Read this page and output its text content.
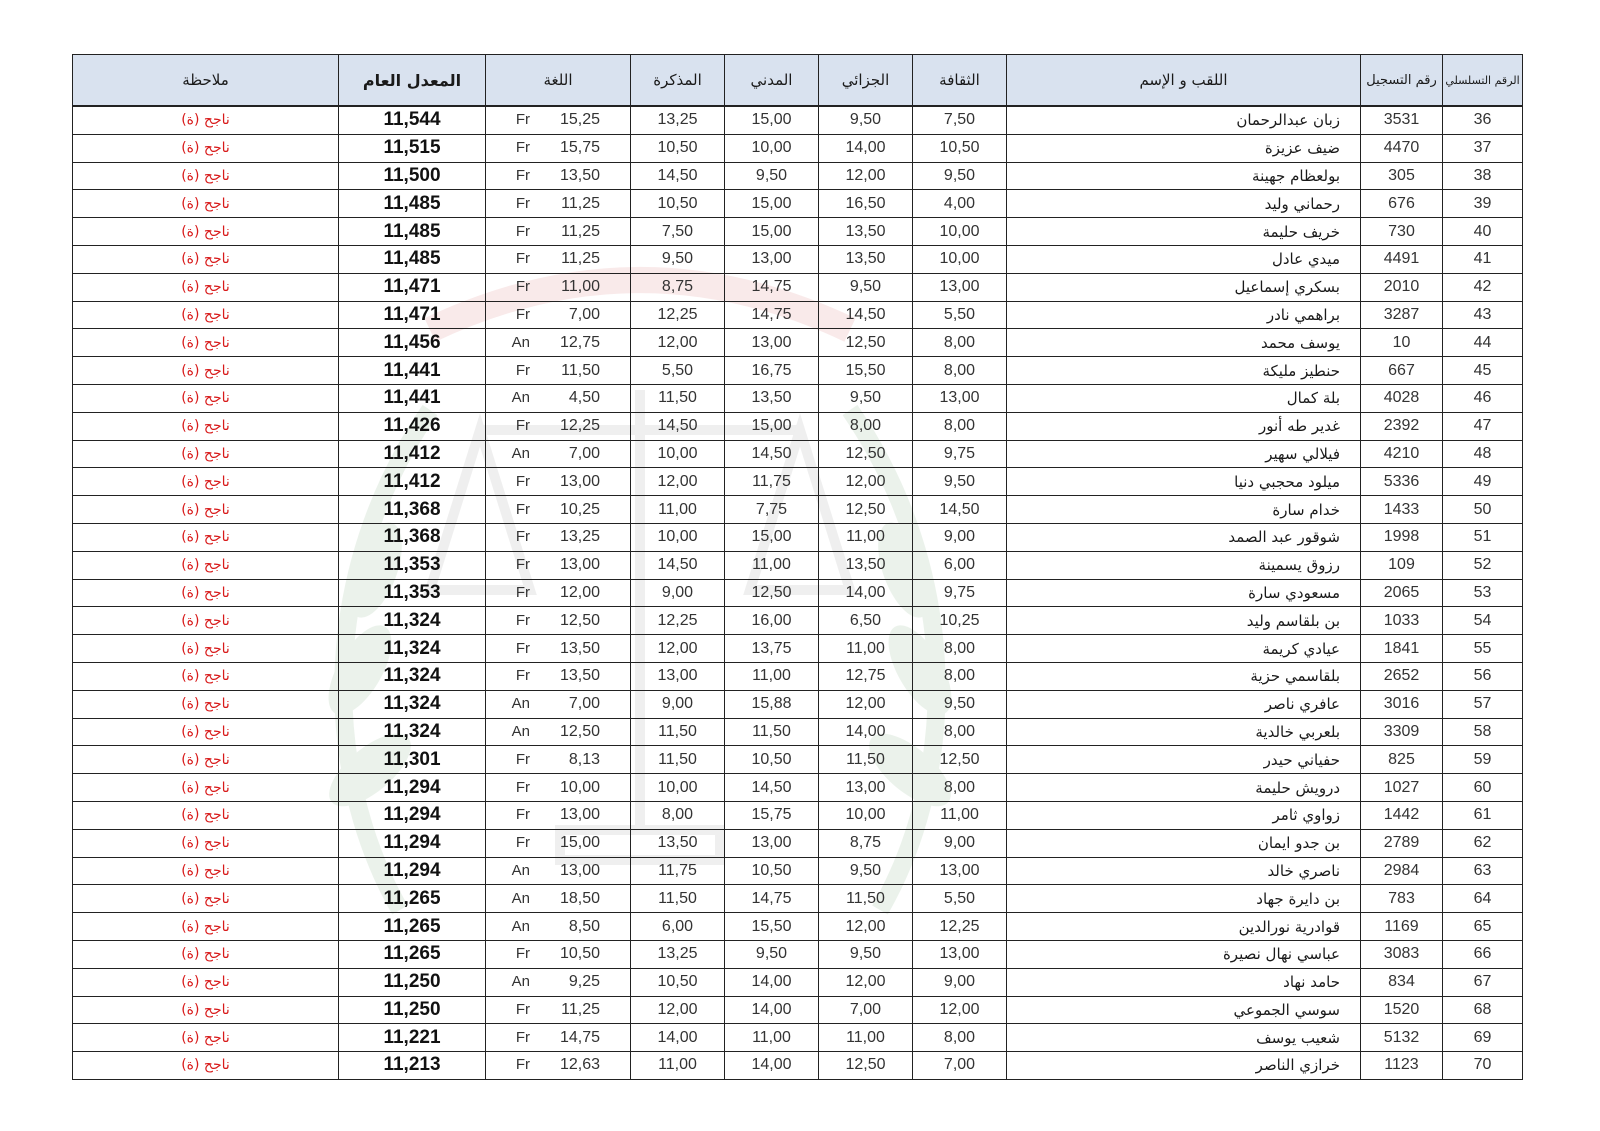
الرقم التسلسلي	رقم التسجيل	اللقب و الإسم	الثقافة	الجزائي	المدني	المذكرة	اللغة	المعدل العام	ملاحظة
36	3531	زبان عبدالرحمان	7,50	9,50	15,00	13,25	Fr 15,25	11,544	ناجح (ة)
37	4470	ضيف عزيزة	10,50	14,00	10,00	10,50	Fr 15,75	11,515	ناجح (ة)
38	305	بولعظام جهينة	9,50	12,00	9,50	14,50	Fr 13,50	11,500	ناجح (ة)
39	676	رحماني وليد	4,00	16,50	15,00	10,50	Fr 11,25	11,485	ناجح (ة)
40	730	خريف حليمة	10,00	13,50	15,00	7,50	Fr 11,25	11,485	ناجح (ة)
41	4491	ميدي عادل	10,00	13,50	13,00	9,50	Fr 11,25	11,485	ناجح (ة)
42	2010	بسكري إسماعيل	13,00	9,50	14,75	8,75	Fr 11,00	11,471	ناجح (ة)
43	3287	براهمي نادر	5,50	14,50	14,75	12,25	Fr 7,00	11,471	ناجح (ة)
44	10	يوسف محمد	8,00	12,50	13,00	12,00	An 12,75	11,456	ناجح (ة)
45	667	حنطيز مليكة	8,00	15,50	16,75	5,50	Fr 11,50	11,441	ناجح (ة)
46	4028	بلة كمال	13,00	9,50	13,50	11,50	An 4,50	11,441	ناجح (ة)
47	2392	غدير طه أنور	8,00	8,00	15,00	14,50	Fr 12,25	11,426	ناجح (ة)
48	4210	فيلالي سهير	9,75	12,50	14,50	10,00	An 7,00	11,412	ناجح (ة)
49	5336	ميلود محجبي دنيا	9,50	12,00	11,75	12,00	Fr 13,00	11,412	ناجح (ة)
50	1433	خدام سارة	14,50	12,50	7,75	11,00	Fr 10,25	11,368	ناجح (ة)
51	1998	شوقور عبد الصمد	9,00	11,00	15,00	10,00	Fr 13,25	11,368	ناجح (ة)
52	109	رزوق يسمينة	6,00	13,50	11,00	14,50	Fr 13,00	11,353	ناجح (ة)
53	2065	مسعودي سارة	9,75	14,00	12,50	9,00	Fr 12,00	11,353	ناجح (ة)
54	1033	بن بلقاسم وليد	10,25	6,50	16,00	12,25	Fr 12,50	11,324	ناجح (ة)
55	1841	عيادي كريمة	8,00	11,00	13,75	12,00	Fr 13,50	11,324	ناجح (ة)
56	2652	بلقاسمي حزية	8,00	12,75	11,00	13,00	Fr 13,50	11,324	ناجح (ة)
57	3016	عافري ناصر	9,50	12,00	15,88	9,00	An 7,00	11,324	ناجح (ة)
58	3309	بلعربي خالدية	8,00	14,00	11,50	11,50	An 12,50	11,324	ناجح (ة)
59	825	حفياني حيدر	12,50	11,50	10,50	11,50	Fr 8,13	11,301	ناجح (ة)
60	1027	درويش حليمة	8,00	13,00	14,50	10,00	Fr 10,00	11,294	ناجح (ة)
61	1442	زواوي ثامر	11,00	10,00	15,75	8,00	Fr 13,00	11,294	ناجح (ة)
62	2789	بن جدو ايمان	9,00	8,75	13,00	13,50	Fr 15,00	11,294	ناجح (ة)
63	2984	ناصري خالد	13,00	9,50	10,50	11,75	An 13,00	11,294	ناجح (ة)
64	783	بن دايرة جهاد	5,50	11,50	14,75	11,50	An 18,50	11,265	ناجح (ة)
65	1169	قوادرية نورالدين	12,25	12,00	15,50	6,00	An 8,50	11,265	ناجح (ة)
66	3083	عباسي نهال نصيرة	13,00	9,50	9,50	13,25	Fr 10,50	11,265	ناجح (ة)
67	834	حامد نهاد	9,00	12,00	14,00	10,50	An 9,25	11,250	ناجح (ة)
68	1520	سوسي الجموعي	12,00	7,00	14,00	12,00	Fr 11,25	11,250	ناجح (ة)
69	5132	شعيب يوسف	8,00	11,00	11,00	14,00	Fr 14,75	11,221	ناجح (ة)
70	1123	خرازي الناصر	7,00	12,50	14,00	11,00	Fr 12,63	11,213	ناجح (ة)
